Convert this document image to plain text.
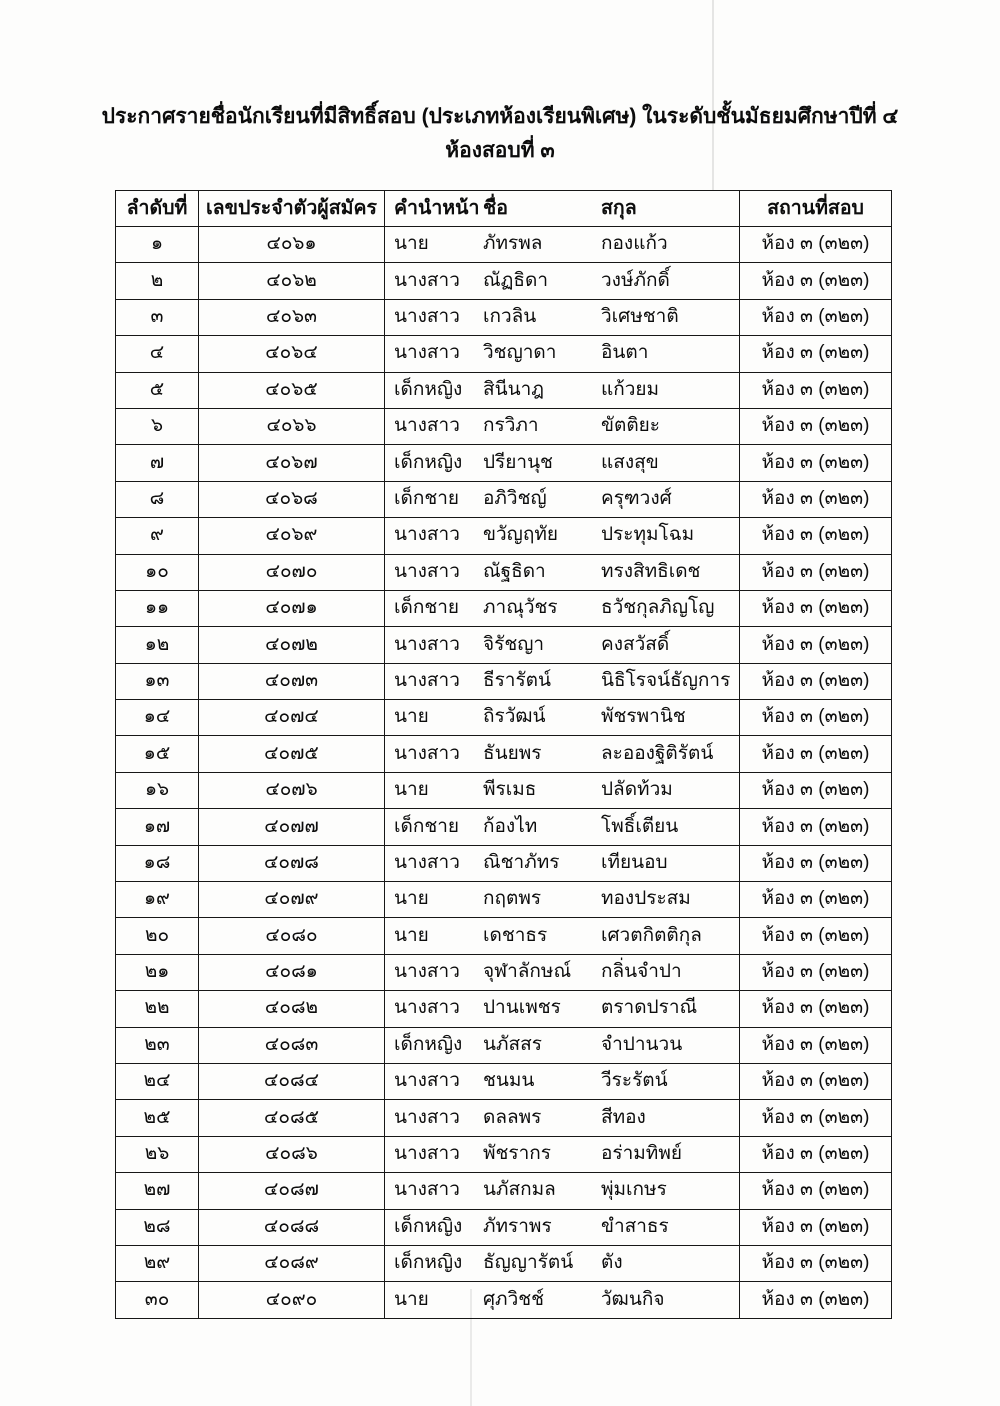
ประกาศรายชื่อนักเรียนที่มีสิทธิ์สอบ (ประเภทห้องเรียนพิเศษ) ในระดับชั้นมัธยมศึกษาปีที่ ๔
ห้องสอบที่ ๓
ลำดับที่	เลขประจำตัวผู้สมัคร	คำนำหน้า ชื่อ สกุล	สถานที่สอบ
๑	๔๐๖๑	นาย ภัทรพล กองแก้ว	ห้อง ๓ (๓๒๓)
๒	๔๐๖๒	นางสาว ณัฏธิดา วงษ์ภักดิ์	ห้อง ๓ (๓๒๓)
๓	๔๐๖๓	นางสาว เกวลิน วิเศษชาติ	ห้อง ๓ (๓๒๓)
๔	๔๐๖๔	นางสาว วิชญาดา อินตา	ห้อง ๓ (๓๒๓)
๕	๔๐๖๕	เด็กหญิง สินีนาฎ แก้วยม	ห้อง ๓ (๓๒๓)
๖	๔๐๖๖	นางสาว กรวิภา ขัตติยะ	ห้อง ๓ (๓๒๓)
๗	๔๐๖๗	เด็กหญิง ปรียานุช แสงสุข	ห้อง ๓ (๓๒๓)
๘	๔๐๖๘	เด็กชาย อภิวิชญ์ ครุฑวงศ์	ห้อง ๓ (๓๒๓)
๙	๔๐๖๙	นางสาว ขวัญฤทัย ประทุมโฉม	ห้อง ๓ (๓๒๓)
๑๐	๔๐๗๐	นางสาว ณัฐธิดา ทรงสิทธิเดช	ห้อง ๓ (๓๒๓)
๑๑	๔๐๗๑	เด็กชาย ภาณุวัชร ธวัชกุลภิญโญ	ห้อง ๓ (๓๒๓)
๑๒	๔๐๗๒	นางสาว จิรัชญา คงสวัสดิ์	ห้อง ๓ (๓๒๓)
๑๓	๔๐๗๓	นางสาว ธีรารัตน์ นิธิโรจน์ธัญการ	ห้อง ๓ (๓๒๓)
๑๔	๔๐๗๔	นาย ถิรวัฒน์ พัชรพานิช	ห้อง ๓ (๓๒๓)
๑๕	๔๐๗๕	นางสาว ธันยพร ละอองฐิติรัตน์	ห้อง ๓ (๓๒๓)
๑๖	๔๐๗๖	นาย พีรเมธ ปลัดท้วม	ห้อง ๓ (๓๒๓)
๑๗	๔๐๗๗	เด็กชาย ก้องไท โพธิ์เตียน	ห้อง ๓ (๓๒๓)
๑๘	๔๐๗๘	นางสาว ณิชาภัทร เทียนอบ	ห้อง ๓ (๓๒๓)
๑๙	๔๐๗๙	นาย กฤตพร ทองประสม	ห้อง ๓ (๓๒๓)
๒๐	๔๐๘๐	นาย เดชาธร เศวตกิตติกุล	ห้อง ๓ (๓๒๓)
๒๑	๔๐๘๑	นางสาว จุฬาลักษณ์ กลิ่นจำปา	ห้อง ๓ (๓๒๓)
๒๒	๔๐๘๒	นางสาว ปานเพชร ตราดปราณี	ห้อง ๓ (๓๒๓)
๒๓	๔๐๘๓	เด็กหญิง นภัสสร จำปานวน	ห้อง ๓ (๓๒๓)
๒๔	๔๐๘๔	นางสาว ชนมน วีระรัตน์	ห้อง ๓ (๓๒๓)
๒๕	๔๐๘๕	นางสาว ดลลพร สีทอง	ห้อง ๓ (๓๒๓)
๒๖	๔๐๘๖	นางสาว พัชรากร อร่ามทิพย์	ห้อง ๓ (๓๒๓)
๒๗	๔๐๘๗	นางสาว นภัสกมล พุ่มเกษร	ห้อง ๓ (๓๒๓)
๒๘	๔๐๘๘	เด็กหญิง ภัทราพร ขำสาธร	ห้อง ๓ (๓๒๓)
๒๙	๔๐๘๙	เด็กหญิง ธัญญารัตน์ ตัง	ห้อง ๓ (๓๒๓)
๓๐	๔๐๙๐	นาย ศุภวิชช์ วัฒนกิจ	ห้อง ๓ (๓๒๓)
